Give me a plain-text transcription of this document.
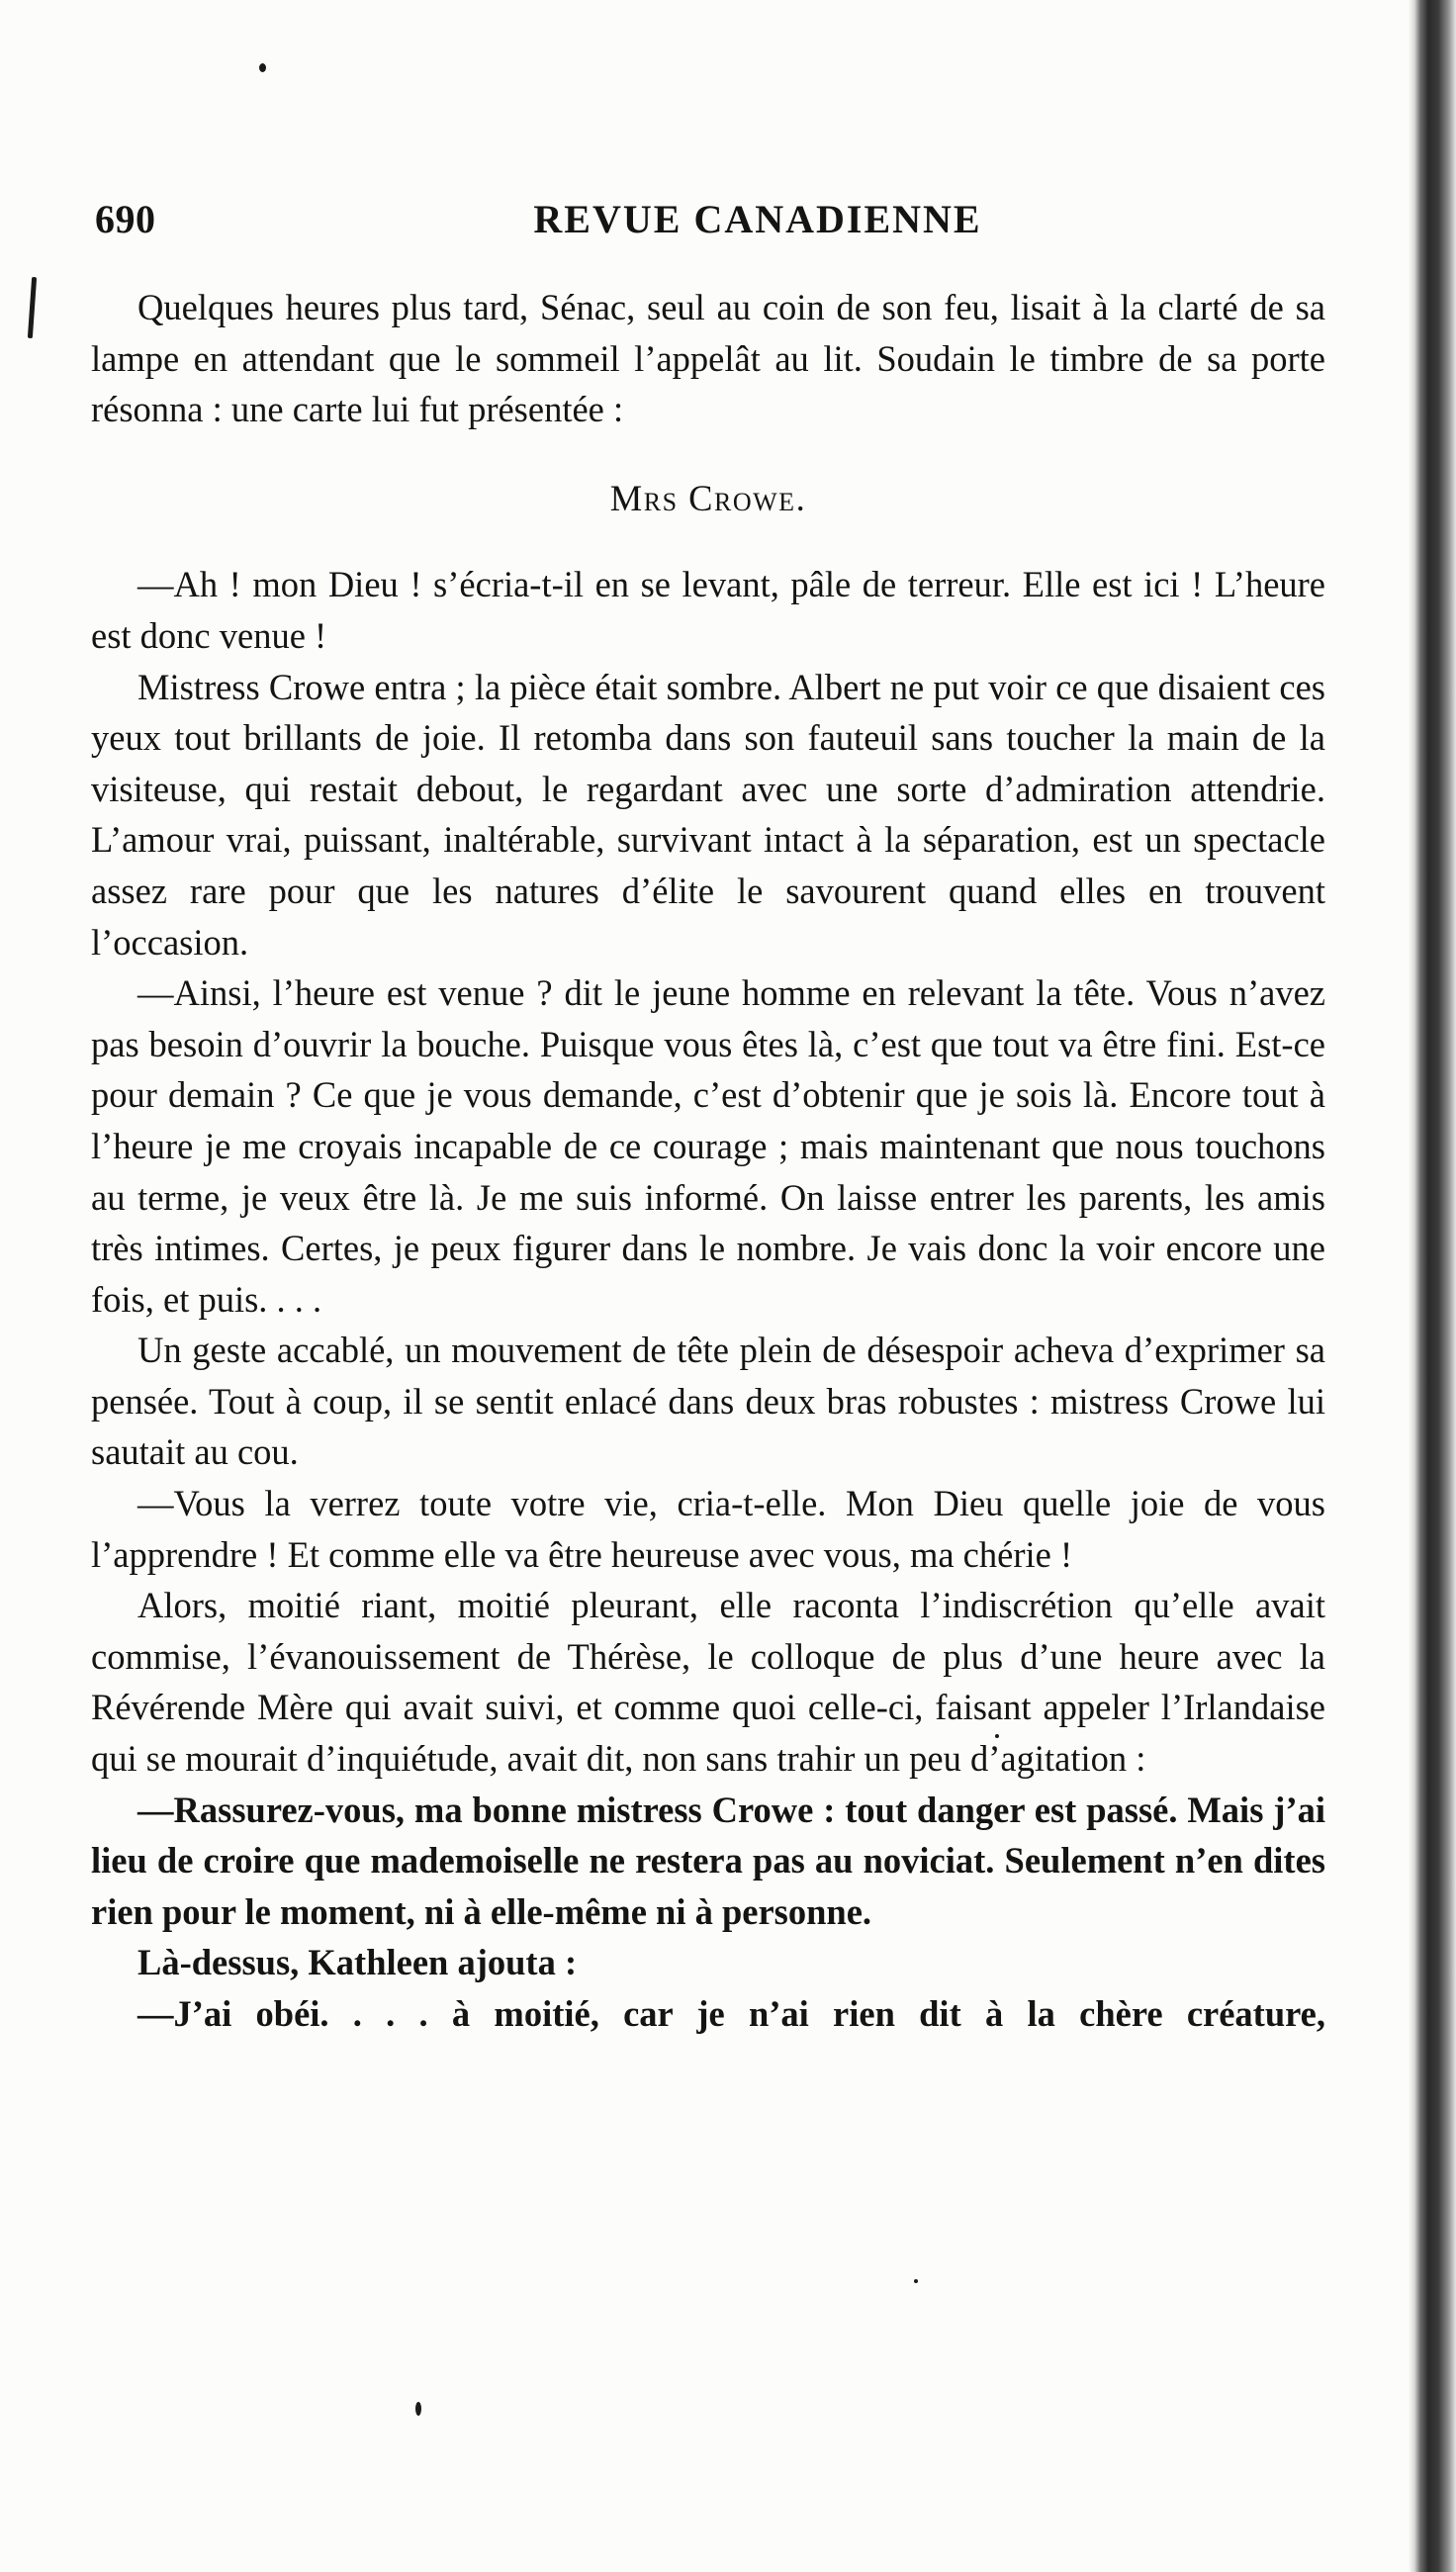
690	REVUE CANADIENNE

Quelques heures plus tard, Sénac, seul au coin de son feu, lisait à la clarté de sa lampe en attendant que le sommeil l’appelât au lit. Soudain le timbre de sa porte résonna : une carte lui fut présentée :

Mrs Crowe.

—Ah ! mon Dieu ! s’écria-t-il en se levant, pâle de terreur. Elle est ici ! L’heure est donc venue !

Mistress Crowe entra ; la pièce était sombre. Albert ne put voir ce que disaient ces yeux tout brillants de joie. Il retomba dans son fauteuil sans toucher la main de la visiteuse, qui restait debout, le regardant avec une sorte d’admiration attendrie. L’amour vrai, puissant, inaltérable, survivant intact à la séparation, est un spectacle assez rare pour que les natures d’élite le savourent quand elles en trouvent l’occasion.

—Ainsi, l’heure est venue ? dit le jeune homme en relevant la tête. Vous n’avez pas besoin d’ouvrir la bouche. Puisque vous êtes là, c’est que tout va être fini. Est-ce pour demain ? Ce que je vous demande, c’est d’obtenir que je sois là. Encore tout à l’heure je me croyais incapable de ce courage ; mais maintenant que nous touchons au terme, je veux être là. Je me suis informé. On laisse entrer les parents, les amis très intimes. Certes, je peux figurer dans le nombre. Je vais donc la voir encore une fois, et puis. . . .

Un geste accablé, un mouvement de tête plein de désespoir acheva d’exprimer sa pensée. Tout à coup, il se sentit enlacé dans deux bras robustes : mistress Crowe lui sautait au cou.

—Vous la verrez toute votre vie, cria-t-elle. Mon Dieu quelle joie de vous l’apprendre ! Et comme elle va être heureuse avec vous, ma chérie !

Alors, moitié riant, moitié pleurant, elle raconta l’indiscrétion qu’elle avait commise, l’évanouissement de Thérèse, le colloque de plus d’une heure avec la Révérende Mère qui avait suivi, et comme quoi celle-ci, faisant appeler l’Irlandaise qui se mourait d’inquiétude, avait dit, non sans trahir un peu d’agitation :

—Rassurez-vous, ma bonne mistress Crowe : tout danger est passé. Mais j’ai lieu de croire que mademoiselle ne restera pas au noviciat. Seulement n’en dites rien pour le moment, ni à elle-même ni à personne.

Là-dessus, Kathleen ajouta :

—J’ai obéi. . . . à moitié, car je n’ai rien dit à la chère créature,
